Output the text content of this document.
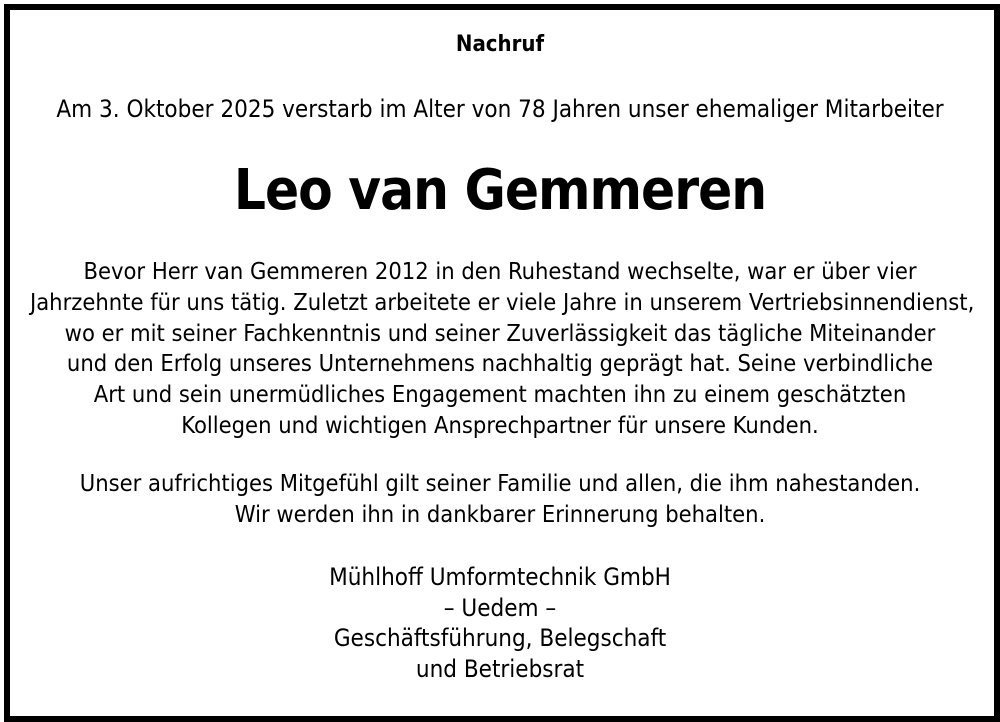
Nachruf
Am 3. Oktober 2025 verstarb im Alter von 78 Jahren unser ehemaliger Mitarbeiter
Leo van Gemmeren
Bevor Herr van Gemmeren 2012 in den Ruhestand wechselte, war er über vier
Jahrzehnte für uns tätig. Zuletzt arbeitete er viele Jahre in unserem Vertriebsinnendienst,
wo er mit seiner Fachkenntnis und seiner Zuverlässigkeit das tägliche Miteinander
und den Erfolg unseres Unternehmens nachhaltig geprägt hat. Seine verbindliche
Art und sein unermüdliches Engagement machten ihn zu einem geschätzten
Kollegen und wichtigen Ansprechpartner für unsere Kunden.
Unser aufrichtiges Mitgefühl gilt seiner Familie und allen, die ihm nahestanden.
Wir werden ihn in dankbarer Erinnerung behalten.
Mühlhoff Umformtechnik GmbH
– Uedem –
Geschäftsführung, Belegschaft
und Betriebsrat
